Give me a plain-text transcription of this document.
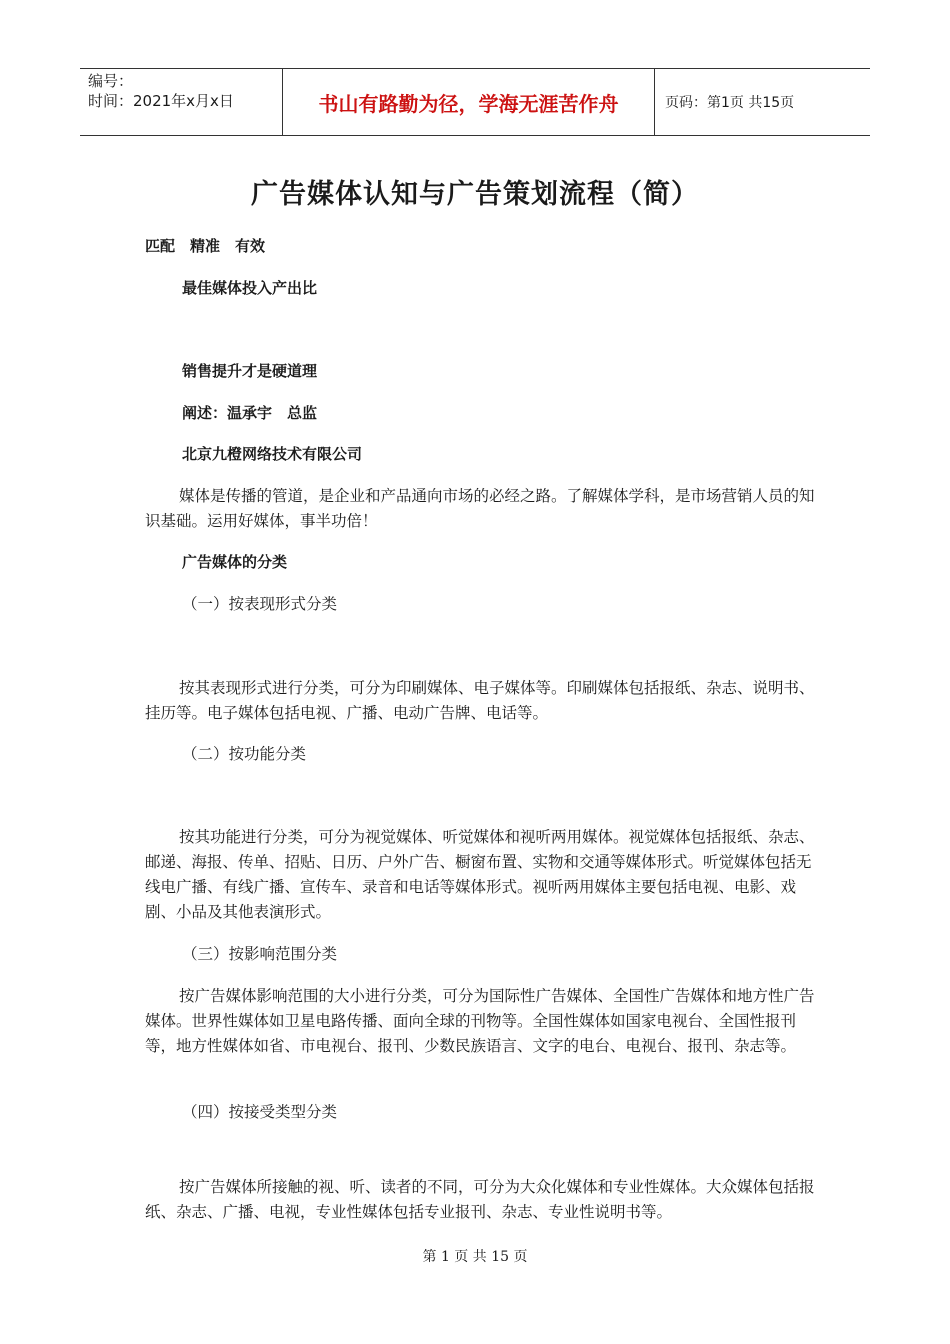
编号：
时间：2021年x月x日	书山有路勤为径，学海无涯苦作舟	页码：第1页 共15页
广告媒体认知与广告策划流程（简）

匹配　精准　有效

最佳媒体投入产出比

销售提升才是硬道理

阐述：温承宇　总监

北京九橙网络技术有限公司

媒体是传播的管道，是企业和产品通向市场的必经之路。了解媒体学科，是市场营销人员的知识基础。运用好媒体，事半功倍！

广告媒体的分类

（一）按表现形式分类

按其表现形式进行分类，可分为印刷媒体、电子媒体等。印刷媒体包括报纸、杂志、说明书、挂历等。电子媒体包括电视、广播、电动广告牌、电话等。

（二）按功能分类

按其功能进行分类，可分为视觉媒体、听觉媒体和视听两用媒体。视觉媒体包括报纸、杂志、邮递、海报、传单、招贴、日历、户外广告、橱窗布置、实物和交通等媒体形式。听觉媒体包括无线电广播、有线广播、宣传车、录音和电话等媒体形式。视听两用媒体主要包括电视、电影、戏剧、小品及其他表演形式。

（三）按影响范围分类

按广告媒体影响范围的大小进行分类，可分为国际性广告媒体、全国性广告媒体和地方性广告媒体。世界性媒体如卫星电路传播、面向全球的刊物等。全国性媒体如国家电视台、全国性报刊等，地方性媒体如省、市电视台、报刊、少数民族语言、文字的电台、电视台、报刊、杂志等。

（四）按接受类型分类

按广告媒体所接触的视、听、读者的不同，可分为大众化媒体和专业性媒体。大众媒体包括报纸、杂志、广播、电视，专业性媒体包括专业报刊、杂志、专业性说明书等。

第 1 页 共 15 页
